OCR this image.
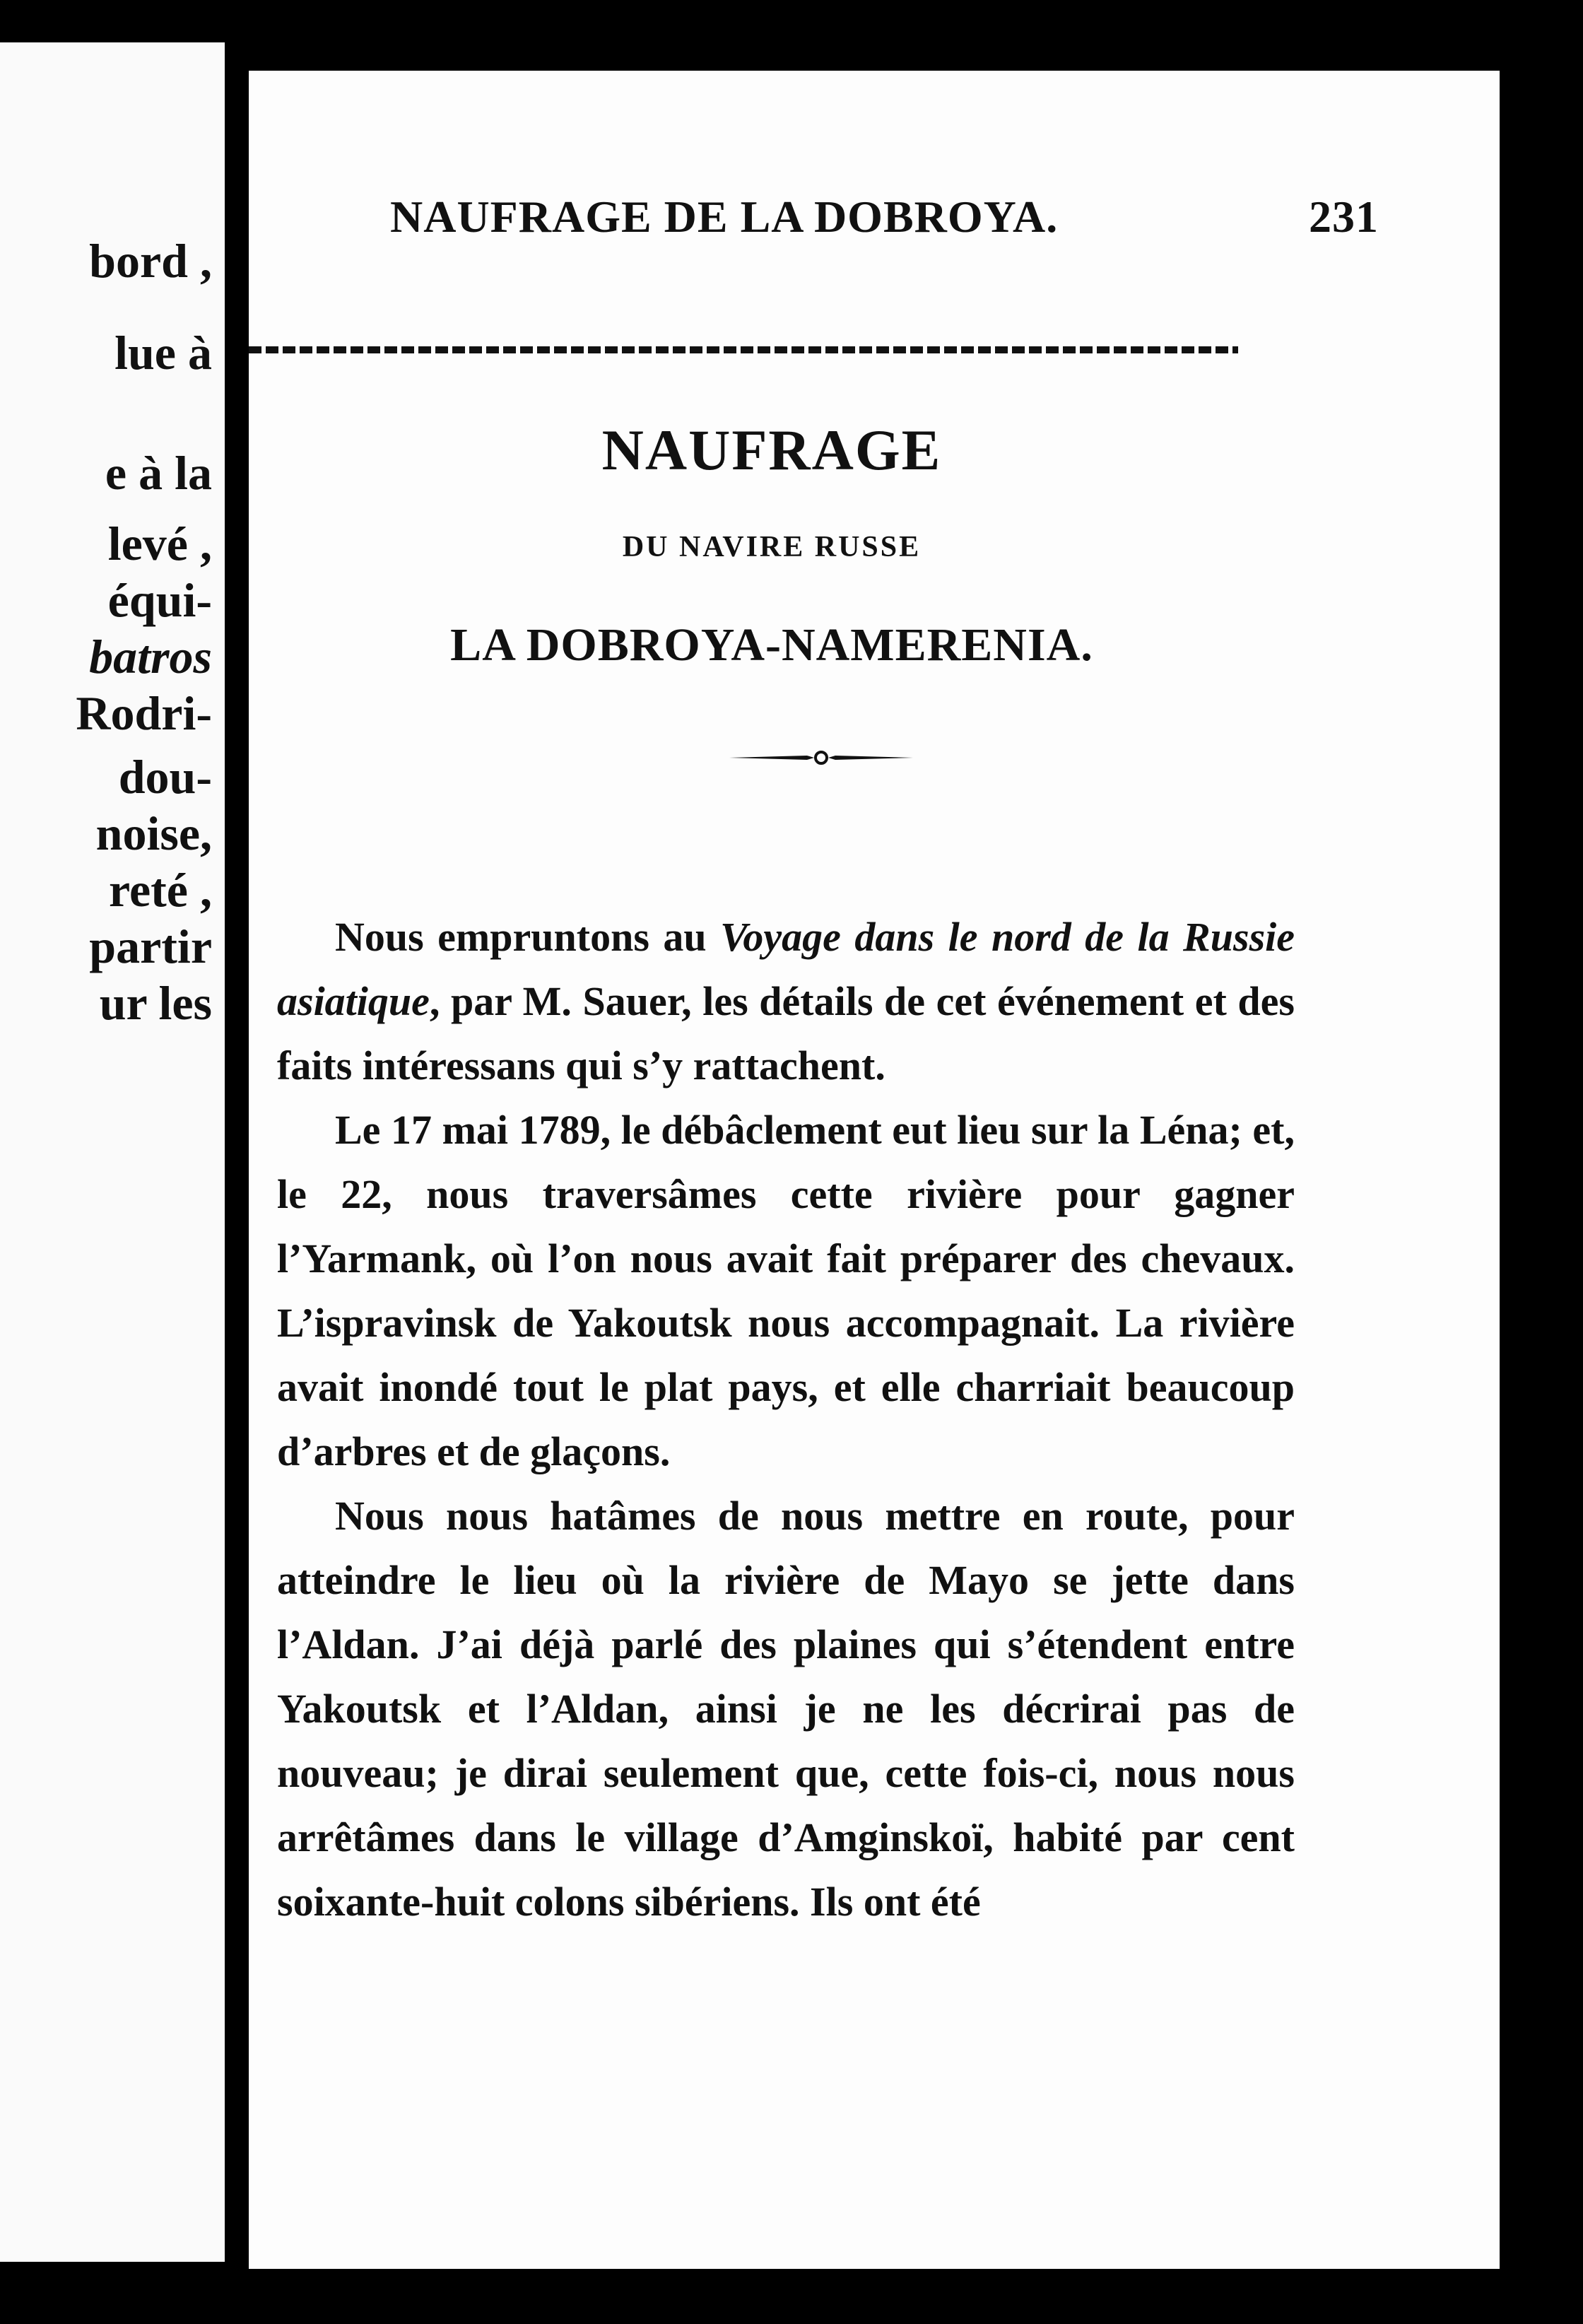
bord ,
lue à
e à la
levé ,
équi-
batros
Rodri-
dou-
noise,
reté ,
partir
ur les
NAUFRAGE DE LA DOBROYA.	231
NAUFRAGE
DU NAVIRE RUSSE
LA DOBROYA-NAMERENIA.

Nous empruntons au Voyage dans le nord de la Russie asiatique, par M. Sauer, les détails de cet événement et des faits intéressans qui s’y rattachent.

Le 17 mai 1789, le débâclement eut lieu sur la Léna; et, le 22, nous traversâmes cette rivière pour gagner l’Yarmank, où l’on nous avait fait préparer des chevaux. L’ispravinsk de Yakoutsk nous accompagnait. La rivière avait inondé tout le plat pays, et elle charriait beaucoup d’arbres et de glaçons.

Nous nous hatâmes de nous mettre en route, pour atteindre le lieu où la rivière de Mayo se jette dans l’Aldan. J’ai déjà parlé des plaines qui s’étendent entre Yakoutsk et l’Aldan, ainsi je ne les décrirai pas de nouveau; je dirai seulement que, cette fois-ci, nous nous arrêtâmes dans le village d’Amginskoï, habité par cent soixante-huit colons sibériens. Ils ont été
